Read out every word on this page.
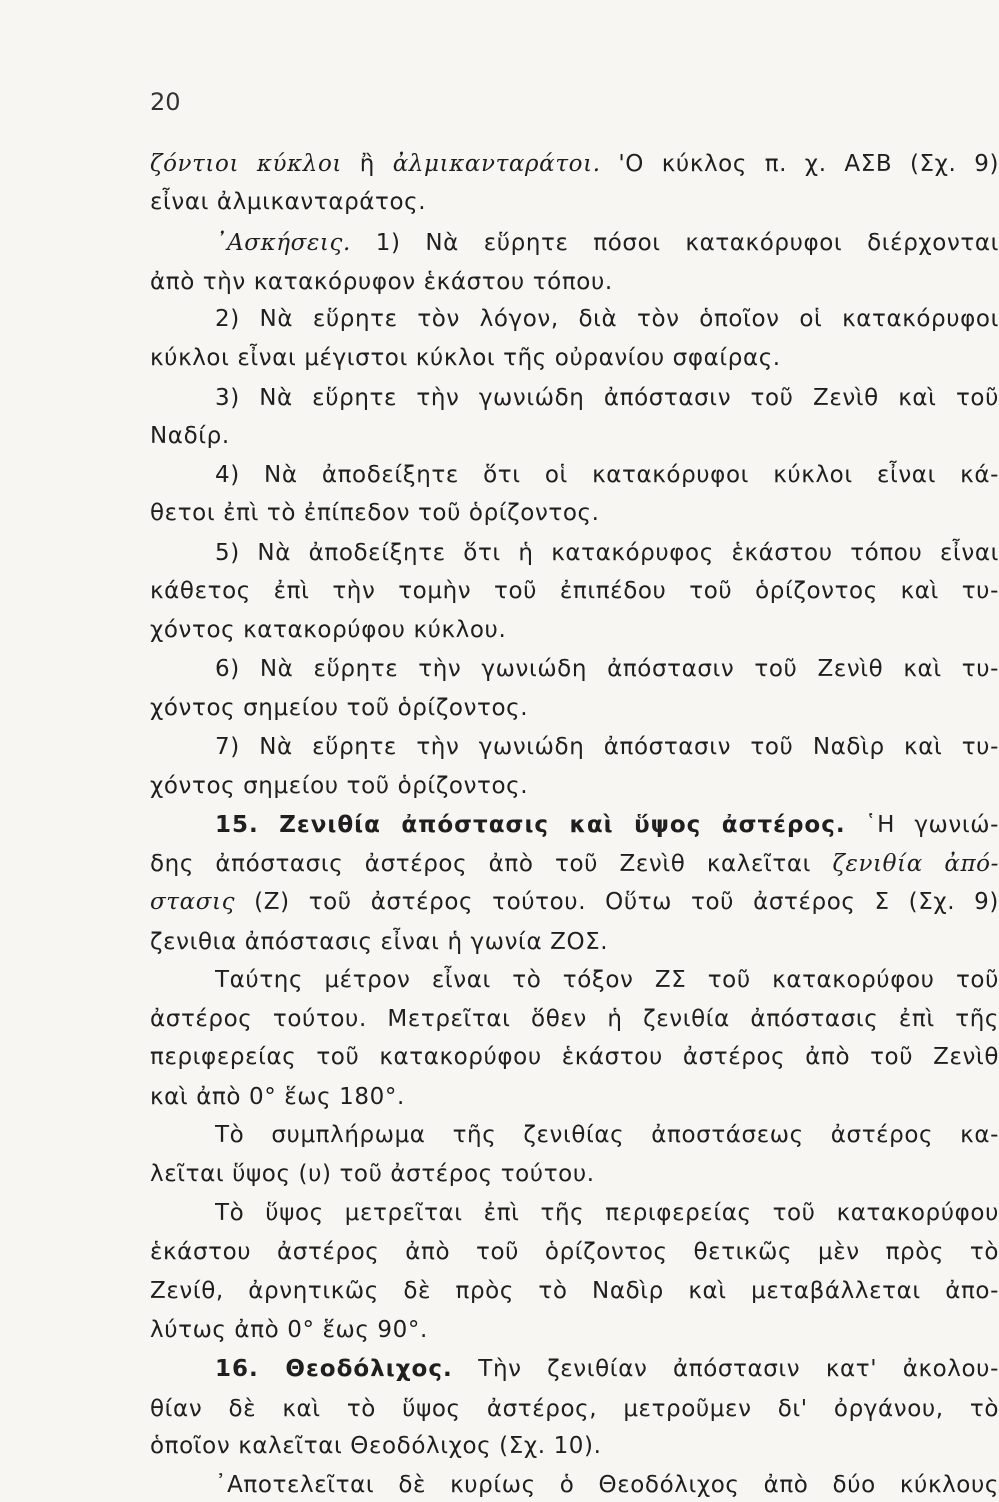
20
ζόντιοι κύκλοι ἢ ἀλμικανταράτοι. 'Ο κύκλος π. χ. ΑΣΒ (Σχ. 9)
εἶναι ἀλμικανταράτος.
᾿Ασκήσεις. 1) Νὰ εὕρητε πόσοι κατακόρυφοι διέρχονται
ἀπὸ τὴν κατακόρυφον ἑκάστου τόπου.
2) Νὰ εὕρητε τὸν λόγον, διὰ τὸν ὁποῖον οἱ κατακόρυφοι
κύκλοι εἶναι μέγιστοι κύκλοι τῆς οὐρανίου σφαίρας.
3) Νὰ εὕρητε τὴν γωνιώδη ἀπόστασιν τοῦ Ζενὶθ καὶ τοῦ
Ναδίρ.
4) Νὰ ἀποδείξητε ὅτι οἱ κατακόρυφοι κύκλοι εἶναι κά-
θετοι ἐπὶ τὸ ἐπίπεδον τοῦ ὁρίζοντος.
5) Νὰ ἀποδείξητε ὅτι ἡ κατακόρυφος ἑκάστου τόπου εἶναι
κάθετος ἐπὶ τὴν τομὴν τοῦ ἐπιπέδου τοῦ ὁρίζοντος καὶ τυ-
χόντος κατακορύφου κύκλου.
6) Νὰ εὕρητε τὴν γωνιώδη ἀπόστασιν τοῦ Ζενὶθ καὶ τυ-
χόντος σημείου τοῦ ὁρίζοντος.
7) Νὰ εὕρητε τὴν γωνιώδη ἀπόστασιν τοῦ Ναδὶρ καὶ τυ-
χόντος σημείου τοῦ ὁρίζοντος.
15. Ζενιθία ἀπόστασις καὶ ὕψος ἀστέρος. ῾Η γωνιώ-
δης ἀπόστασις ἀστέρος ἀπὸ τοῦ Ζενὶθ καλεῖται ζενιθία ἀπό-
στασις (Ζ) τοῦ ἀστέρος τούτου. Οὕτω τοῦ ἀστέρος Σ (Σχ. 9)
ζενιθια ἀπόστασις εἶναι ἡ γωνία ΖΟΣ.
Ταύτης μέτρον εἶναι τὸ τόξον ΖΣ τοῦ κατακορύφου τοῦ
ἀστέρος τούτου. Μετρεῖται ὅθεν ἡ ζενιθία ἀπόστασις ἐπὶ τῆς
περιφερείας τοῦ κατακορύφου ἑκάστου ἀστέρος ἀπὸ τοῦ Ζενὶθ
καὶ ἀπὸ 0° ἕως 180°.
Τὸ συμπλήρωμα τῆς ζενιθίας ἀποστάσεως ἀστέρος κα-
λεῖται ὕψος (υ) τοῦ ἀστέρος τούτου.
Τὸ ὕψος μετρεῖται ἐπὶ τῆς περιφερείας τοῦ κατακορύφου
ἑκάστου ἀστέρος ἀπὸ τοῦ ὁρίζοντος θετικῶς μὲν πρὸς τὸ
Ζενίθ, ἀρνητικῶς δὲ πρὸς τὸ Ναδὶρ καὶ μεταβάλλεται ἀπο-
λύτως ἀπὸ 0° ἕως 90°.
16. Θεοδόλιχος. Τὴν ζενιθίαν ἀπόστασιν κατ' ἀκολου-
θίαν δὲ καὶ τὸ ὕψος ἀστέρος, μετροῦμεν δι' ὀργάνου, τὸ
ὁποῖον καλεῖται Θεοδόλιχος (Σχ. 10).
᾿Αποτελεῖται δὲ κυρίως ὁ Θεοδόλιχος ἀπὸ δύο κύκλους
